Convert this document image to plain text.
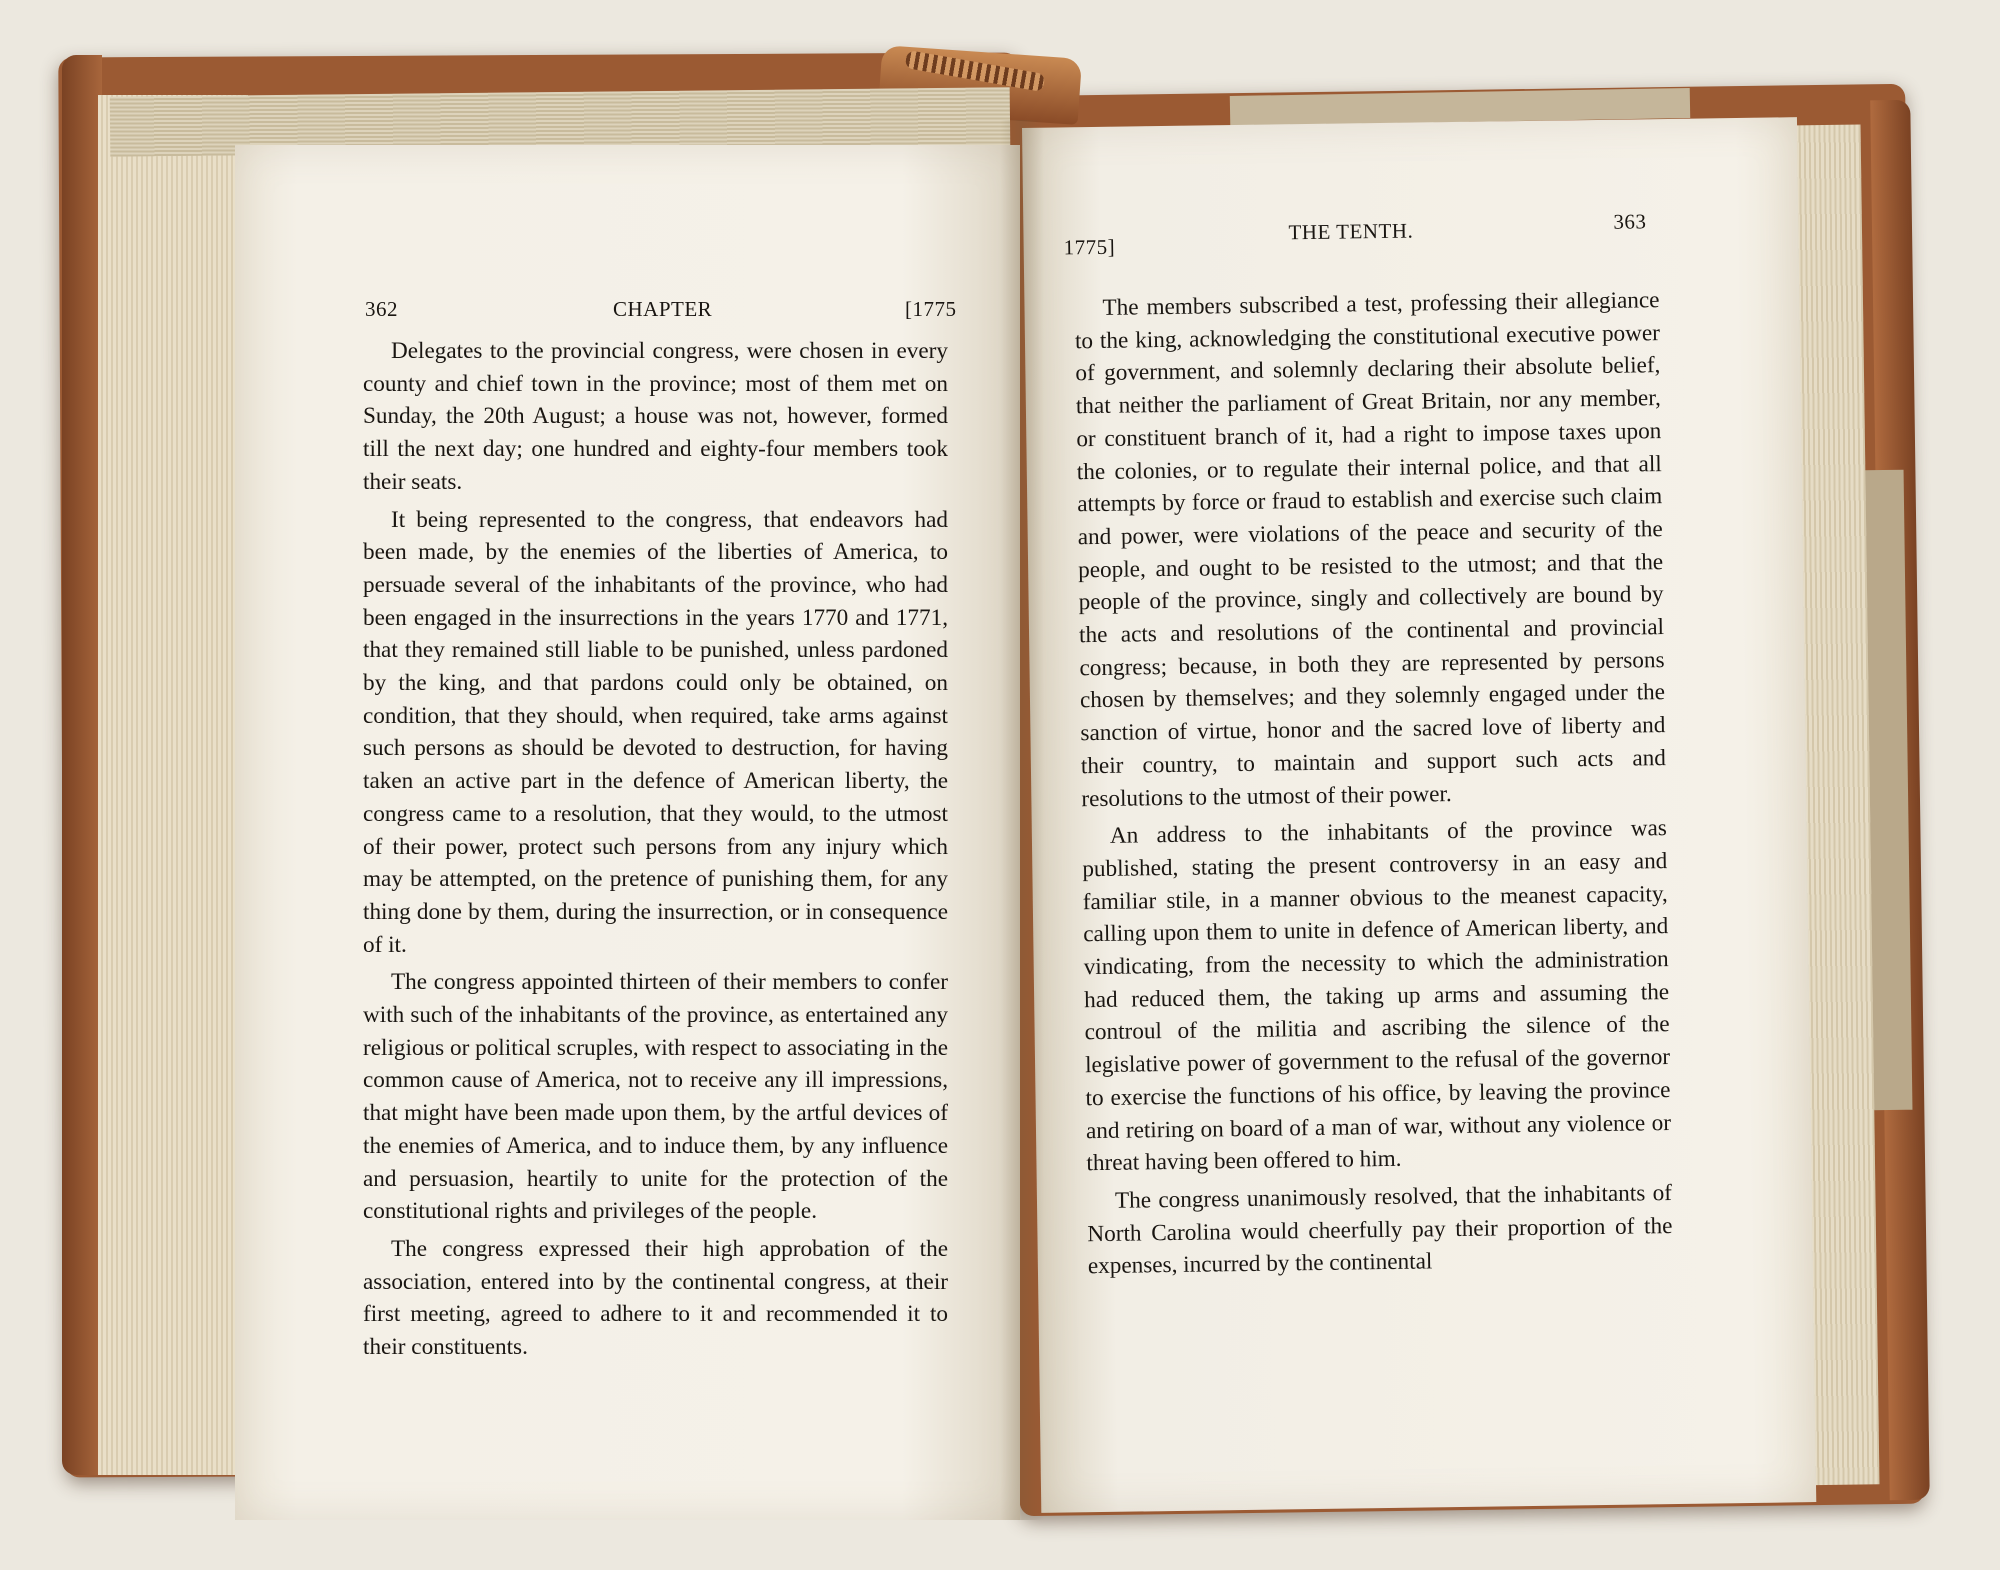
362	CHAPTER	[1775

Delegates to the provincial congress, were chosen in every county and chief town in the province; most of them met on Sunday, the 20th August; a house was not, however, formed till the next day; one hundred and eighty-four members took their seats.

It being represented to the congress, that endeavors had been made, by the enemies of the liberties of America, to persuade several of the inhabitants of the province, who had been engaged in the insurrections in the years 1770 and 1771, that they remained still liable to be punished, unless pardoned by the king, and that pardons could only be obtained, on condition, that they should, when required, take arms against such persons as should be devoted to destruction, for having taken an active part in the defence of American liberty, the congress came to a resolution, that they would, to the utmost of their power, protect such persons from any injury which may be attempted, on the pretence of punishing them, for any thing done by them, during the insurrection, or in consequence of it.

The congress appointed thirteen of their members to confer with such of the inhabitants of the province, as entertained any religious or political scruples, with respect to associating in the common cause of America, not to receive any ill impressions, that might have been made upon them, by the artful devices of the enemies of America, and to induce them, by any influence and persuasion, heartily to unite for the protection of the constitutional rights and privileges of the people.

The congress expressed their high approbation of the association, entered into by the continental congress, at their first meeting, agreed to adhere to it and recommended it to their constituents.

1775]
THE TENTH.	363

The members subscribed a test, professing their allegiance to the king, acknowledging the constitutional executive power of government, and solemnly declaring their absolute belief, that neither the parliament of Great Britain, nor any member, or constituent branch of it, had a right to impose taxes upon the colonies, or to regulate their internal police, and that all attempts by force or fraud to establish and exercise such claim and power, were violations of the peace and security of the people, and ought to be resisted to the utmost; and that the people of the province, singly and collectively are bound by the acts and resolutions of the continental and provincial congress; because, in both they are represented by persons chosen by themselves; and they solemnly engaged under the sanction of virtue, honor and the sacred love of liberty and their country, to maintain and support such acts and resolutions to the utmost of their power.

An address to the inhabitants of the province was published, stating the present controversy in an easy and familiar stile, in a manner obvious to the meanest capacity, calling upon them to unite in defence of American liberty, and vindicating, from the necessity to which the administration had reduced them, the taking up arms and assuming the controul of the militia and ascribing the silence of the legislative power of government to the refusal of the governor to exercise the functions of his office, by leaving the province and retiring on board of a man of war, without any violence or threat having been offered to him.

The congress unanimously resolved, that the inhabitants of North Carolina would cheerfully pay their proportion of the expenses, incurred by the continental
